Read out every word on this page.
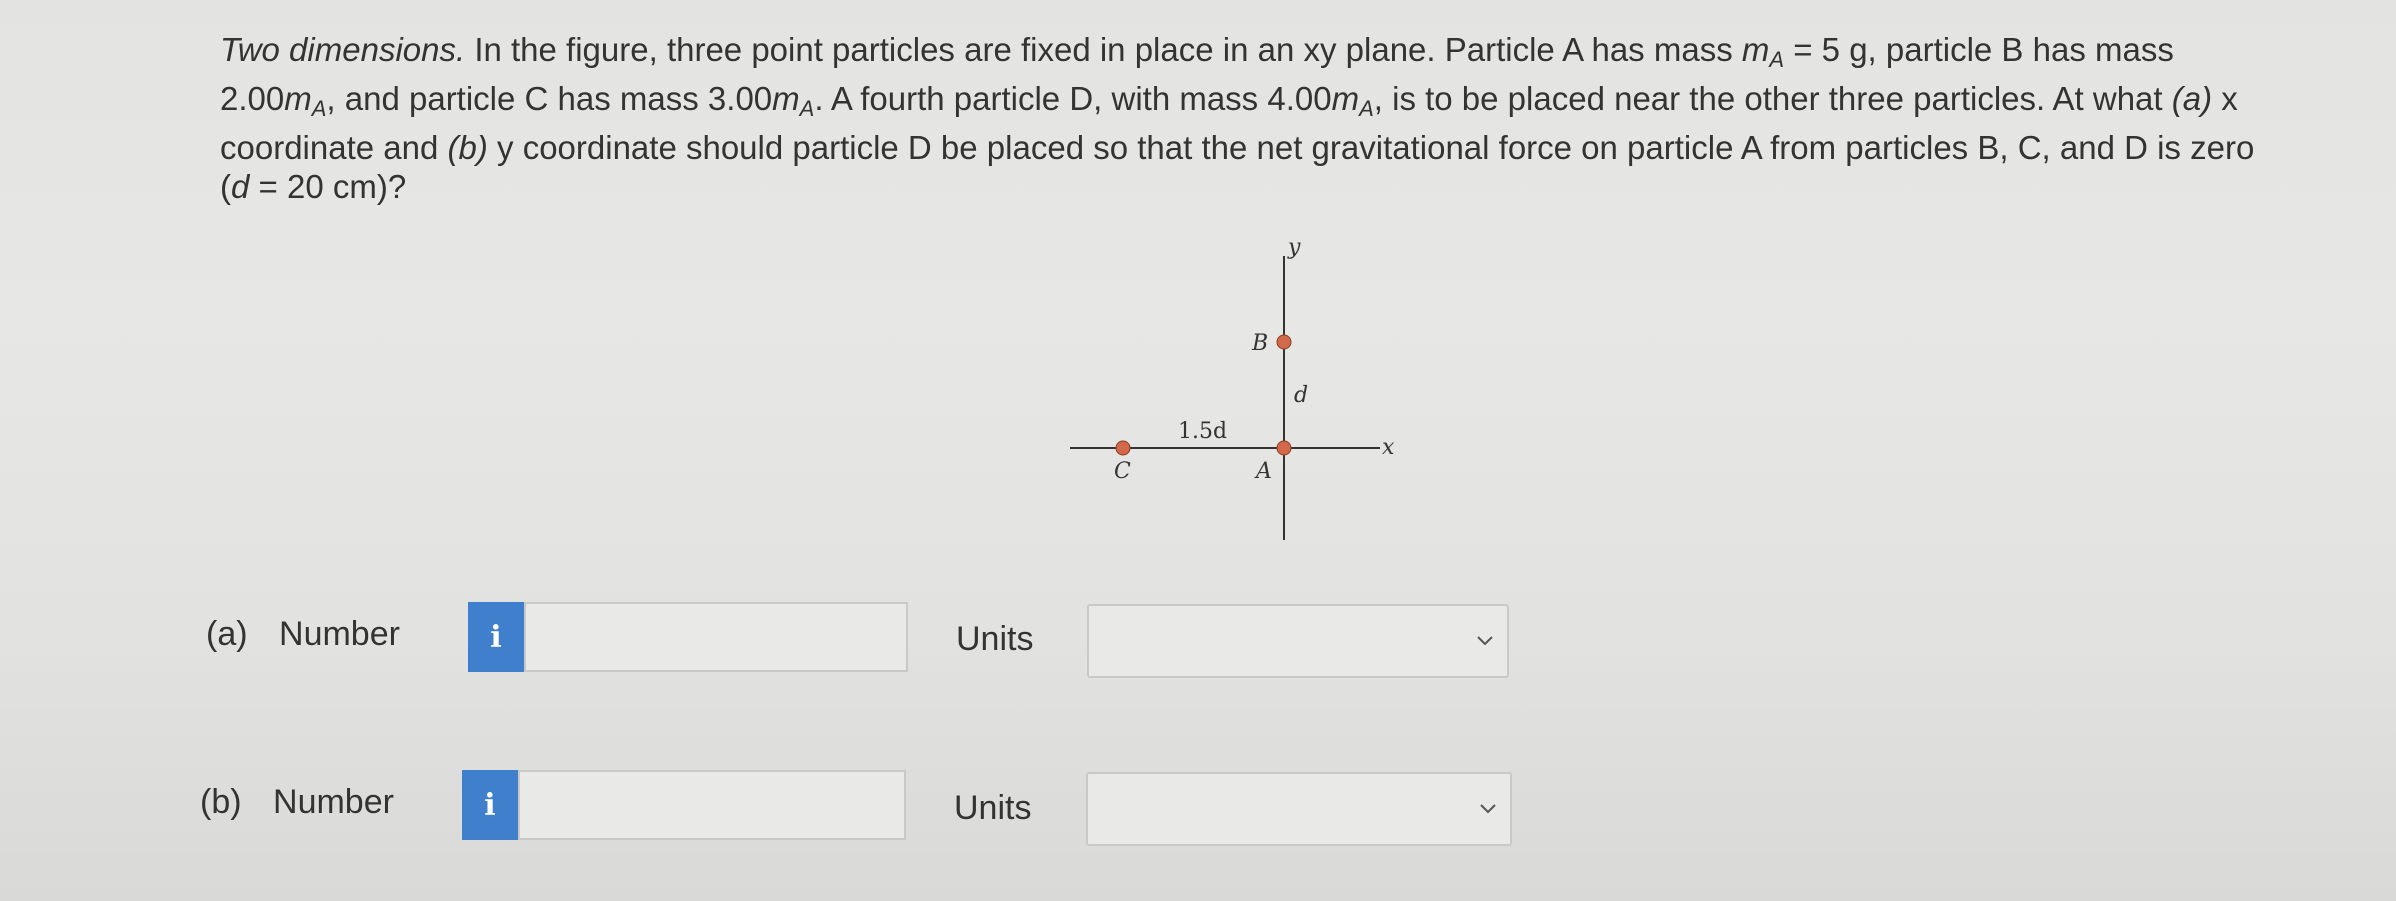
Two dimensions. In the figure, three point particles are fixed in place in an xy plane. Particle A has mass $m_A = 5$ g, particle B has mass $2.00m_A$, and particle C has mass $3.00m_A$. A fourth particle D, with mass $4.00m_A$, is to be placed near the other three particles. At what (a) x coordinate and (b) y coordinate should particle D be placed so that the net gravitational force on particle A from particles B, C, and D is zero (d = 20 cm)?
y
x
d
1.5d
B
A
C
(a) Number	i	Units
(b) Number	i	Units
